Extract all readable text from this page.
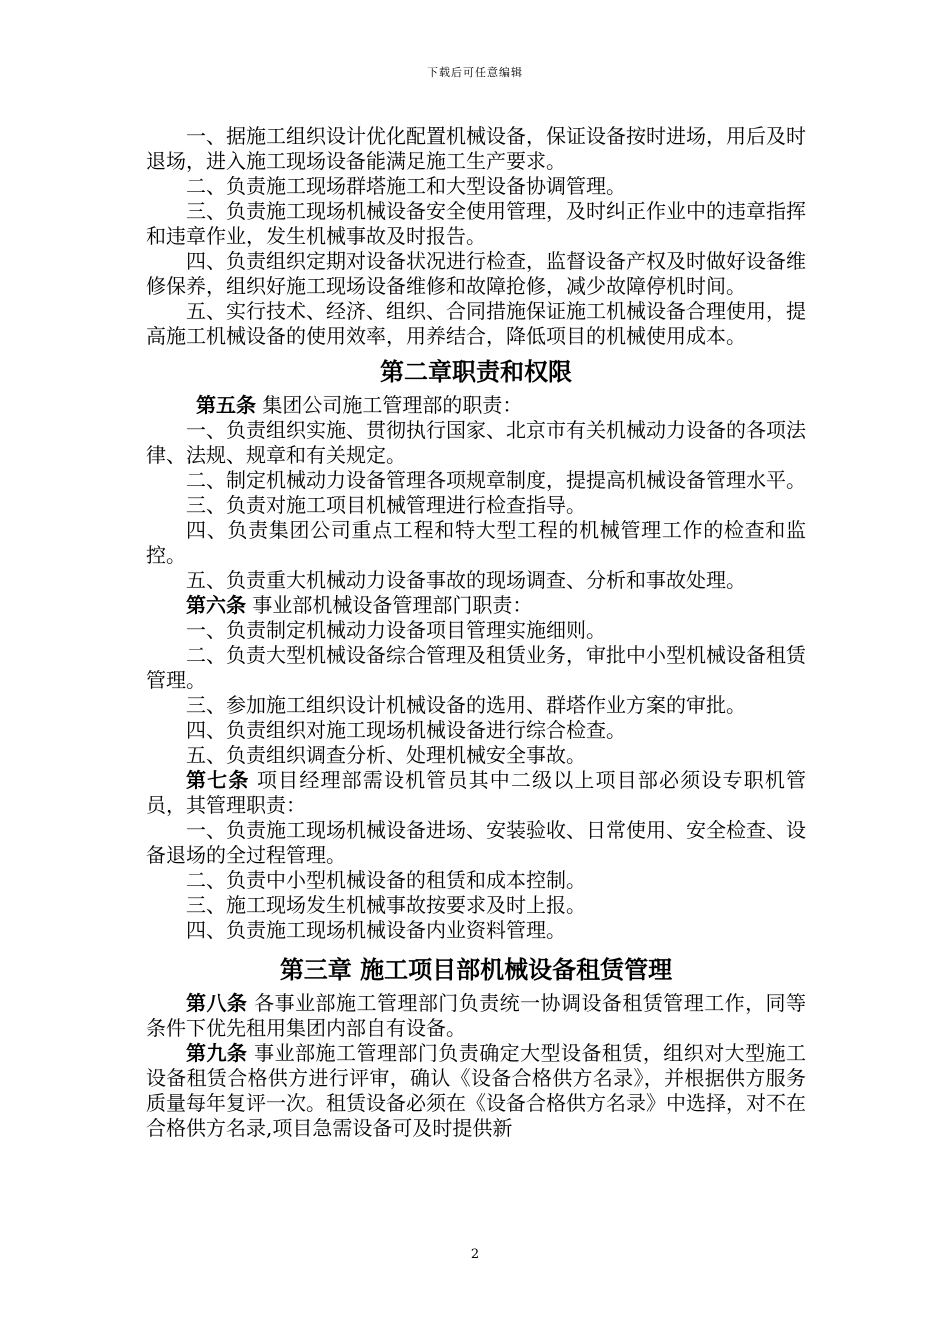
下载后可任意编辑

一、据施工组织设计优化配置机械设备，保证设备按时进场，用后及时退场，进入施工现场设备能满足施工生产要求。

二、负责施工现场群塔施工和大型设备协调管理。

三、负责施工现场机械设备安全使用管理，及时纠正作业中的违章指挥和违章作业，发生机械事故及时报告。

四、负责组织定期对设备状况进行检查，监督设备产权及时做好设备维修保养，组织好施工现场设备维修和故障抢修，减少故障停机时间。

五、实行技术、经济、组织、合同措施保证施工机械设备合理使用，提高施工机械设备的使用效率，用养结合，降低项目的机械使用成本。

第二章职责和权限

第五条 集团公司施工管理部的职责：

一、负责组织实施、贯彻执行国家、北京市有关机械动力设备的各项法律、法规、规章和有关规定。

二、制定机械动力设备管理各项规章制度，提提高机械设备管理水平。

三、负责对施工项目机械管理进行检查指导。

四、负责集团公司重点工程和特大型工程的机械管理工作的检查和监控。

五、负责重大机械动力设备事故的现场调查、分析和事故处理。

第六条 事业部机械设备管理部门职责：

一、负责制定机械动力设备项目管理实施细则。

二、负责大型机械设备综合管理及租赁业务，审批中小型机械设备租赁管理。

三、参加施工组织设计机械设备的选用、群塔作业方案的审批。

四、负责组织对施工现场机械设备进行综合检查。

五、负责组织调查分析、处理机械安全事故。

第七条 项目经理部需设机管员其中二级以上项目部必须设专职机管员，其管理职责：

一、负责施工现场机械设备进场、安装验收、日常使用、安全检查、设备退场的全过程管理。

二、负责中小型机械设备的租赁和成本控制。

三、施工现场发生机械事故按要求及时上报。

四、负责施工现场机械设备内业资料管理。

第三章 施工项目部机械设备租赁管理

第八条 各事业部施工管理部门负责统一协调设备租赁管理工作，同等条件下优先租用集团内部自有设备。

第九条 事业部施工管理部门负责确定大型设备租赁，组织对大型施工设备租赁合格供方进行评审，确认《设备合格供方名录》，并根据供方服务质量每年复评一次。租赁设备必须在《设备合格供方名录》中选择，对不在合格供方名录,项目急需设备可及时提供新

2
